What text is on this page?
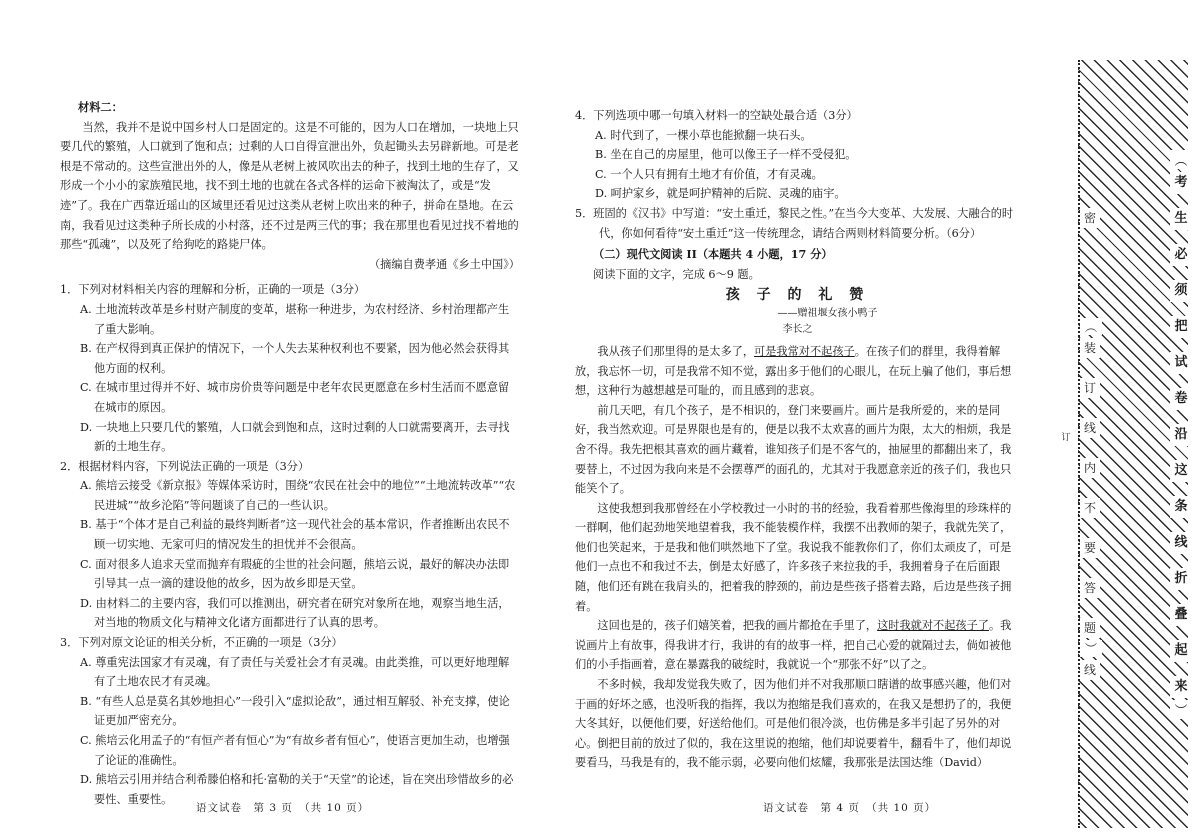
材料二：

当然，我并不是说中国乡村人口是固定的。这是不可能的，因为人口在增加，一块地上只要几代的繁殖，人口就到了饱和点；过剩的人口自得宣泄出外，负起锄头去另辟新地。可是老根是不常动的。这些宣泄出外的人，像是从老树上被风吹出去的种子，找到土地的生存了，又形成一个小小的家族殖民地，找不到土地的也就在各式各样的运命下被淘汰了，或是“发迹”了。我在广西靠近瑶山的区域里还看见过这类从老树上吹出来的种子，拼命在垦地。在云南，我看见过这类种子所长成的小村落，还不过是两三代的事；我在那里也看见过找不着地的那些“孤魂”，以及死了给狗吃的路毙尸体。

（摘编自费孝通《乡土中国》）

1．下列对材料相关内容的理解和分析，正确的一项是（3分）

A. 土地流转改革是乡村财产制度的变革，堪称一种进步，为农村经济、乡村治理都产生了重大影响。

B. 在产权得到真正保护的情况下，一个人失去某种权利也不要紧，因为他必然会获得其他方面的权利。

C. 在城市里过得并不好、城市房价贵等问题是中老年农民更愿意在乡村生活而不愿意留在城市的原因。

D. 一块地上只要几代的繁殖，人口就会到饱和点，这时过剩的人口就需要离开，去寻找新的土地生存。

2．根据材料内容，下列说法正确的一项是（3分）

A. 熊培云接受《新京报》等媒体采访时，围绕“农民在社会中的地位”“土地流转改革”“农民进城”“故乡沦陷”等问题谈了自己的一些认识。

B. 基于“个体才是自己利益的最终判断者”这一现代社会的基本常识，作者推断出农民不顾一切实地、无家可归的情况发生的担忧并不会很高。

C. 面对很多人追求天堂而抛弃有瑕疵的尘世的社会问题，熊培云说，最好的解决办法即引导其一点一滴的建设他的故乡，因为故乡即是天堂。

D. 由材料二的主要内容，我们可以推测出，研究者在研究对象所在地，观察当地生活，对当地的物质文化与精神文化诸方面都进行了认真的思考。

3．下列对原文论证的相关分析，不正确的一项是（3分）

A. 尊重宪法国家才有灵魂，有了责任与关爱社会才有灵魂。由此类推，可以更好地理解有了土地农民才有灵魂。

B. “有些人总是莫名其妙地担心”一段引入“虚拟论敌”，通过相互解驳、补充支撑，使论证更加严密充分。

C. 熊培云化用孟子的“有恒产者有恒心”为“有故乡者有恒心”，使语言更加生动，也增强了论证的准确性。

D. 熊培云引用并结合利希滕伯格和托·富勒的关于“天堂”的论述，旨在突出珍惜故乡的必要性、重要性。

4．下列选项中哪一句填入材料一的空缺处最合适（3分）

A. 时代到了，一棵小草也能掀翻一块石头。

B. 坐在自己的房屋里，他可以像王子一样不受侵犯。

C. 一个人只有拥有土地才有价值，才有灵魂。

D. 呵护家乡，就是呵护精神的后院、灵魂的庙宇。

5．班固的《汉书》中写道：“安土重迁，黎民之性。”在当今大变革、大发展、大融合的时代，你如何看待“安土重迁”这一传统理念，请结合两则材料简要分析。（6分）

（二）现代文阅读 II（本题共 4 小题，17 分）

阅读下面的文字，完成 6～9 题。

孩 子 的 礼 赞

——赠祖堰女孩小鸭子

李长之

我从孩子们那里得的是太多了，可是我常对不起孩子。在孩子们的群里，我得着解放，我忘怀一切，可是我常不知不觉，露出多于他们的心眼儿，在玩上骗了他们，事后想想，这种行为越想越是可耻的，而且感到的悲哀。

前几天吧，有几个孩子，是不相识的，登门来要画片。画片是我所爱的，来的是同好，我当然欢迎。可是界限也是有的，便是以我不太欢喜的画片为限，太大的相烦，我是舍不得。我先把根其喜欢的画片藏着，谁知孩子们是不客气的，抽屉里的都翻出来了，我要替上，不过因为我向来是不会摆尊严的面孔的，尤其对于我愿意亲近的孩子们，我也只能笑个了。

这使我想到我那曾经在小学校教过一小时的书的经验，我看着那些像海里的珍珠样的一群啊，他们起劲地笑地望着我，我不能装模作样，我摆不出教师的架子，我就先笑了，他们也笑起来，于是我和他们哄然地下了堂。我说我不能教你们了，你们太顽皮了，可是他们一点也不和我过不去，倒是太好感了，许多孩子来拉我的手，我拥着身子在后面跟随，他们还有跳在我肩头的，把着我的脖颈的，前边是些孩子搭着去路，后边是些孩子拥着。

这回也是的，孩子们嬉笑着，把我的画片都抢在手里了，这时我就对不起孩子了。我说画片上有故事，得我讲才行，我讲的有的故事一样，把自己心爱的就隔过去，倘如被他们的小手指画着，意在暴露我的破绽时，我就说一个“那张不好”以了之。

不多时候，我却发觉我失败了，因为他们并不对我那顺口瞎谱的故事感兴趣，他们对于画的好坏之感，也没听我的指挥，我以为抱缩是我们喜欢的，在我又是想扔了的，我便大冬其好，以便他们要，好送给他们。可是他们很冷淡，也仿佛是多半引起了另外的对心。倒把目前的放过了似的，我在这里说的抱缩，他们却说要着牛，翻看牛了，他们却说要看马，马我是有的，我不能示弱，必要向他们炫耀，我那张是法国达维（David）

语文试卷　第 3 页　（共 10 页）	语文试卷　第 4 页　（共 10 页）
︵
考
生
必
须
把
试
卷
沿
这
条
线
折
叠
起
来
︶
密
︵
装
订
线
内
不
要
答
题
︶
订
线
